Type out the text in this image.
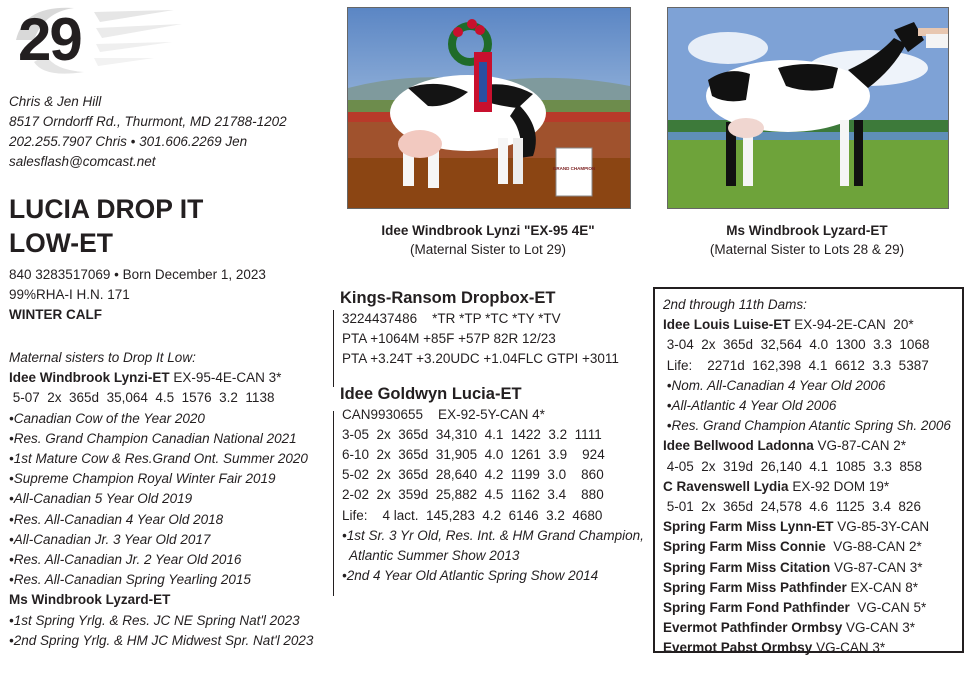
29
Chris & Jen Hill
8517 Orndorff Rd., Thurmont, MD 21788-1202
202.255.7907 Chris • 301.606.2269 Jen
salesflash@comcast.net
LUCIA DROP IT
LOW-ET
840 3283517069 • Born December 1, 2023
99%RHA-I H.N. 171
WINTER CALF
Maternal sisters to Drop It Low:
Idee Windbrook Lynzi-ET EX-95-4E-CAN 3*
5-07  2x  365d  35,064  4.5  1576  3.2  1138
•Canadian Cow of the Year 2020
•Res. Grand Champion Canadian National 2021
•1st Mature Cow & Res.Grand Ont. Summer 2020
•Supreme Champion Royal Winter Fair 2019
•All-Canadian 5 Year Old 2019
•Res. All-Canadian 4 Year Old 2018
•All-Canadian Jr. 3 Year Old 2017
•Res. All-Canadian Jr. 2 Year Old 2016
•Res. All-Canadian Spring Yearling 2015
Ms Windbrook Lyzard-ET
•1st Spring Yrlg. & Res. JC NE Spring Nat'l 2023
•2nd Spring Yrlg. & HM JC Midwest Spr. Nat'l 2023
GRAND CHAMPION
Idee Windbrook Lynzi "EX-95 4E"
(Maternal Sister to Lot 29)
Ms Windbrook Lyzard-ET
(Maternal Sister to Lots 28 & 29)
Kings-Ransom Dropbox-ET
3224437486    *TR *TP *TC *TY *TV
PTA +1064M +85F +57P 82R 12/23
PTA +3.24T +3.20UDC +1.04FLC GTPI +3011
Idee Goldwyn Lucia-ET
CAN9930655    EX-92-5Y-CAN 4*
3-05  2x  365d  34,310  4.1  1422  3.2  1111
6-10  2x  365d  31,905  4.0  1261  3.9    924
5-02  2x  365d  28,640  4.2  1199  3.0    860
2-02  2x  359d  25,882  4.5  1162  3.4    880
Life:    4 lact.  145,283  4.2  6146  3.2  4680
•1st Sr. 3 Yr Old, Res. Int. & HM Grand Champion,
Atlantic Summer Show 2013
•2nd 4 Year Old Atlantic Spring Show 2014
2nd through 11th Dams:
Idee Louis Luise-ET EX-94-2E-CAN  20*
3-04  2x  365d  32,564  4.0  1300  3.3  1068
Life:    2271d  162,398  4.1  6612  3.3  5387
•Nom. All-Canadian 4 Year Old 2006
•All-Atlantic 4 Year Old 2006
•Res. Grand Champion Atantic Spring Sh. 2006
Idee Bellwood Ladonna VG-87-CAN 2*
4-05  2x  319d  26,140  4.1  1085  3.3  858
C Ravenswell Lydia EX-92 DOM 19*
5-01  2x  365d  24,578  4.6  1125  3.4  826
Spring Farm Miss Lynn-ET VG-85-3Y-CAN
Spring Farm Miss Connie  VG-88-CAN 2*
Spring Farm Miss Citation VG-87-CAN 3*
Spring Farm Miss Pathfinder EX-CAN 8*
Spring Farm Fond Pathfinder  VG-CAN 5*
Evermot Pathfinder Ormbsy VG-CAN 3*
Evermot Pabst Ormbsy VG-CAN 3*
